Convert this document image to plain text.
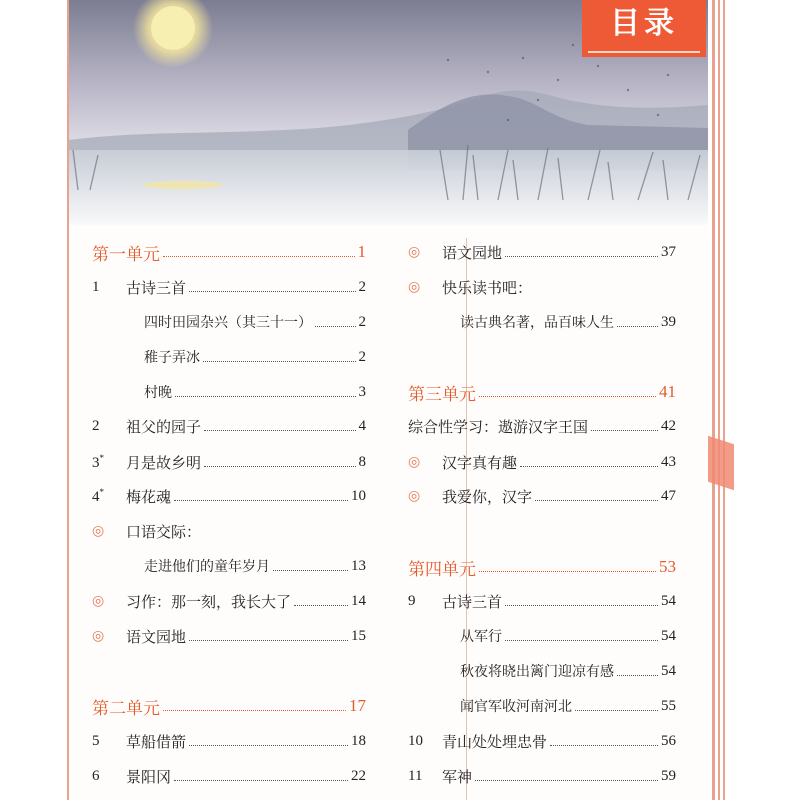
目录
第一单元	1
1	古诗三首	2
四时田园杂兴（其三十一）	2
稚子弄冰	2
村晚	3
2	祖父的园子	4
3*	月是故乡明	8
4*	梅花魂	10
◎	口语交际：
走进他们的童年岁月	13
◎	习作：那一刻，我长大了	14
◎	语文园地	15
第二单元	17
5	草船借箭	18
6	景阳冈	22
◎	语文园地	37
◎	快乐读书吧：
读古典名著，品百味人生	39
第三单元	41
综合性学习：遨游汉字王国	42
◎	汉字真有趣	43
◎	我爱你，汉字	47
第四单元	53
9	古诗三首	54
从军行	54
秋夜将晓出篱门迎凉有感	54
闻官军收河南河北	55
10	青山处处埋忠骨	56
11	军神	59
